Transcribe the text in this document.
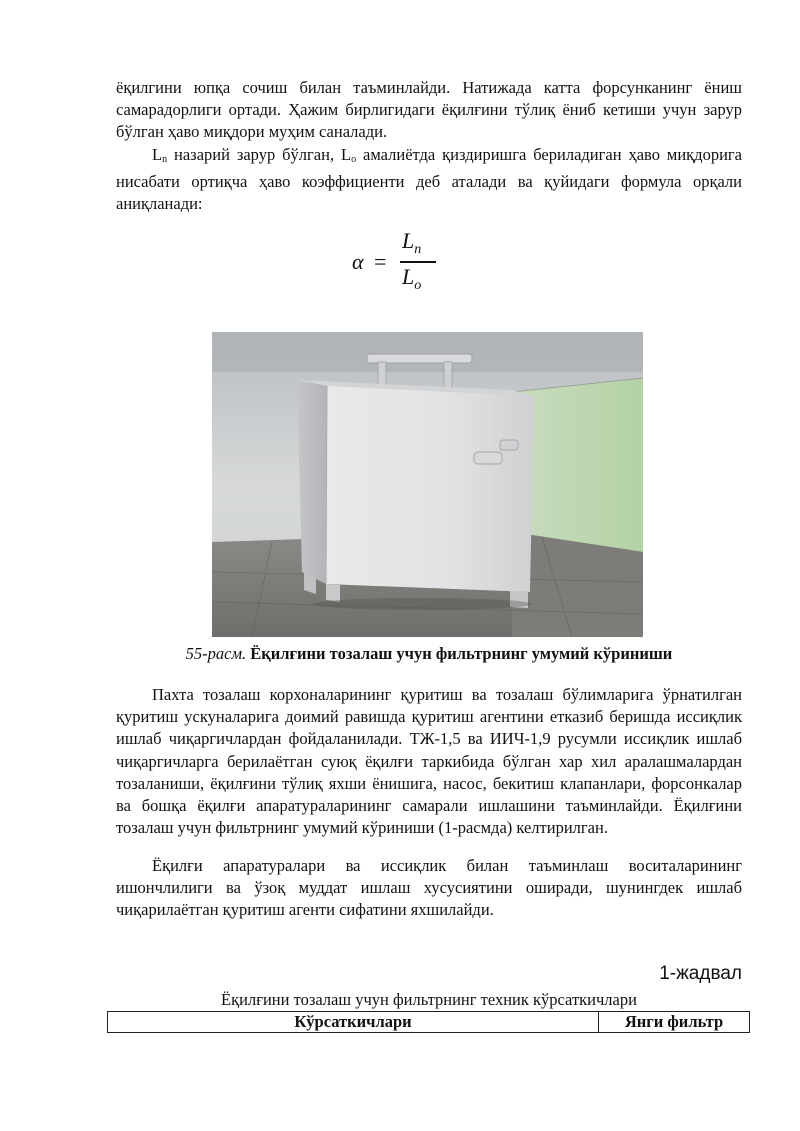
ёқилгини юпқа сочиш билан таъминлайди. Натижада катта форсунканинг ёниш самарадорлиги ортади. Ҳажим бирлигидаги ёқилғини тўлиқ ёниб кетиши учун зарур бўлган ҳаво миқдори муҳим саналади.

$L_n$ назарий зарур бўлган, $L_o$ амалиётда қиздиришга бериладиган ҳаво миқдорига нисабати ортиқча ҳаво коэффициенти деб аталади ва қуйидаги формула орқали аниқланади:

α =
$L_n$
$L_o$
55-расм. Ёқилғини тозалаш учун фильтрнинг умумий кўриниши

Пахта тозалаш корхоналарининг қуритиш ва тозалаш бўлимларига ўрнатилган қуритиш ускуналарига доимий равишда қуритиш агентини етказиб беришда иссиқлик ишлаб чиқаргичлардан фойдаланилади. ТЖ-1,5 ва ИИЧ-1,9 русумли иссиқлик ишлаб чиқаргичларга берилаётган суюқ ёқилғи таркибида бўлган хар хил аралашмалардан тозаланиши, ёқилғини тўлиқ яхши ёнишига, насос, бекитиш клапанлари, форсонкалар ва бошқа ёқилғи апаратураларининг самарали ишлашини таъминлайди. Ёқилғини тозалаш учун фильтрнинг умумий кўриниши (1-расмда) келтирилган.

Ёқилғи апаратуралари ва иссиқлик билан таъминлаш воситаларининг ишончлилиги ва ўзоқ муддат ишлаш хусусиятини оширади, шунингдек ишлаб чиқарилаётган қуритиш агенти сифатини яхшилайди.

1-жадвал
Ёқилғини тозалаш учун фильтрнинг техник кўрсаткичлари
Кўрсаткичлари	Янги фильтр
